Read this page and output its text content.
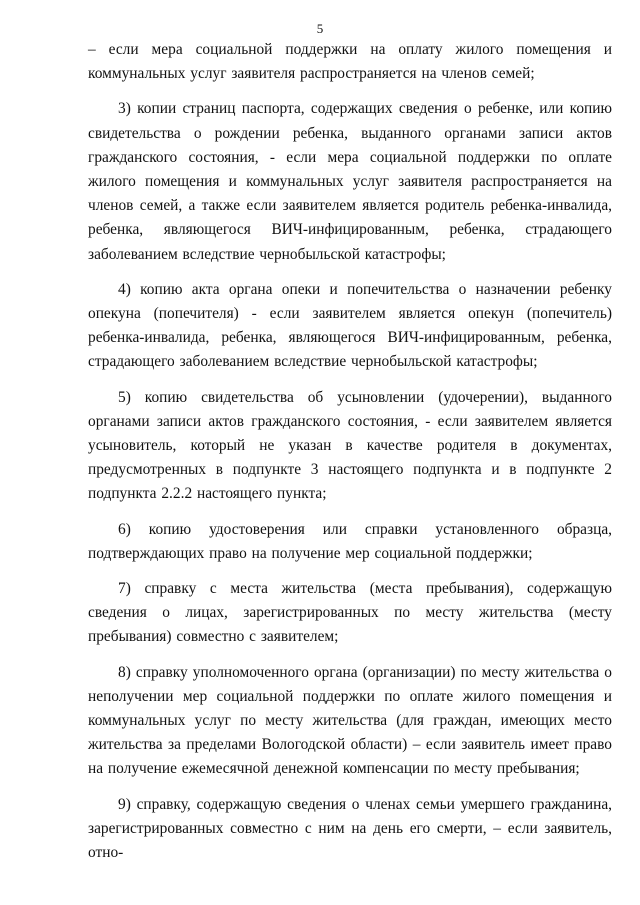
5

– если мера социальной поддержки на оплату жилого помещения и коммунальных услуг заявителя распространяется на членов семей;

3) копии страниц паспорта, содержащих сведения о ребенке, или копию свидетельства о рождении ребенка, выданного органами записи актов гражданского состояния, - если мера социальной поддержки по оплате жилого помещения и коммунальных услуг заявителя распространяется на членов семей, а также если заявителем является родитель ребенка-инвалида, ребенка, являющегося ВИЧ-инфицированным, ребенка, страдающего заболеванием вследствие чернобыльской катастрофы;

4) копию акта органа опеки и попечительства о назначении ребенку опекуна (попечителя) - если заявителем является опекун (попечитель) ребенка-инвалида, ребенка, являющегося ВИЧ-инфицированным, ребенка, страдающего заболеванием вследствие чернобыльской катастрофы;

5) копию свидетельства об усыновлении (удочерении), выданного органами записи актов гражданского состояния, - если заявителем является усыновитель, который не указан в качестве родителя в документах, предусмотренных в подпункте 3 настоящего подпункта и в подпункте 2 подпункта 2.2.2 настоящего пункта;

6) копию удостоверения или справки установленного образца, подтверждающих право на получение мер социальной поддержки;

7) справку с места жительства (места пребывания), содержащую сведения о лицах, зарегистрированных по месту жительства (месту пребывания) совместно с заявителем;

8) справку уполномоченного органа (организации) по месту жительства о неполучении мер социальной поддержки по оплате жилого помещения и коммунальных услуг по месту жительства (для граждан, имеющих место жительства за пределами Вологодской области) – если заявитель имеет право на получение ежемесячной денежной компенсации по месту пребывания;

9) справку, содержащую сведения о членах семьи умершего гражданина, зарегистрированных совместно с ним на день его смерти, – если заявитель, отно-
